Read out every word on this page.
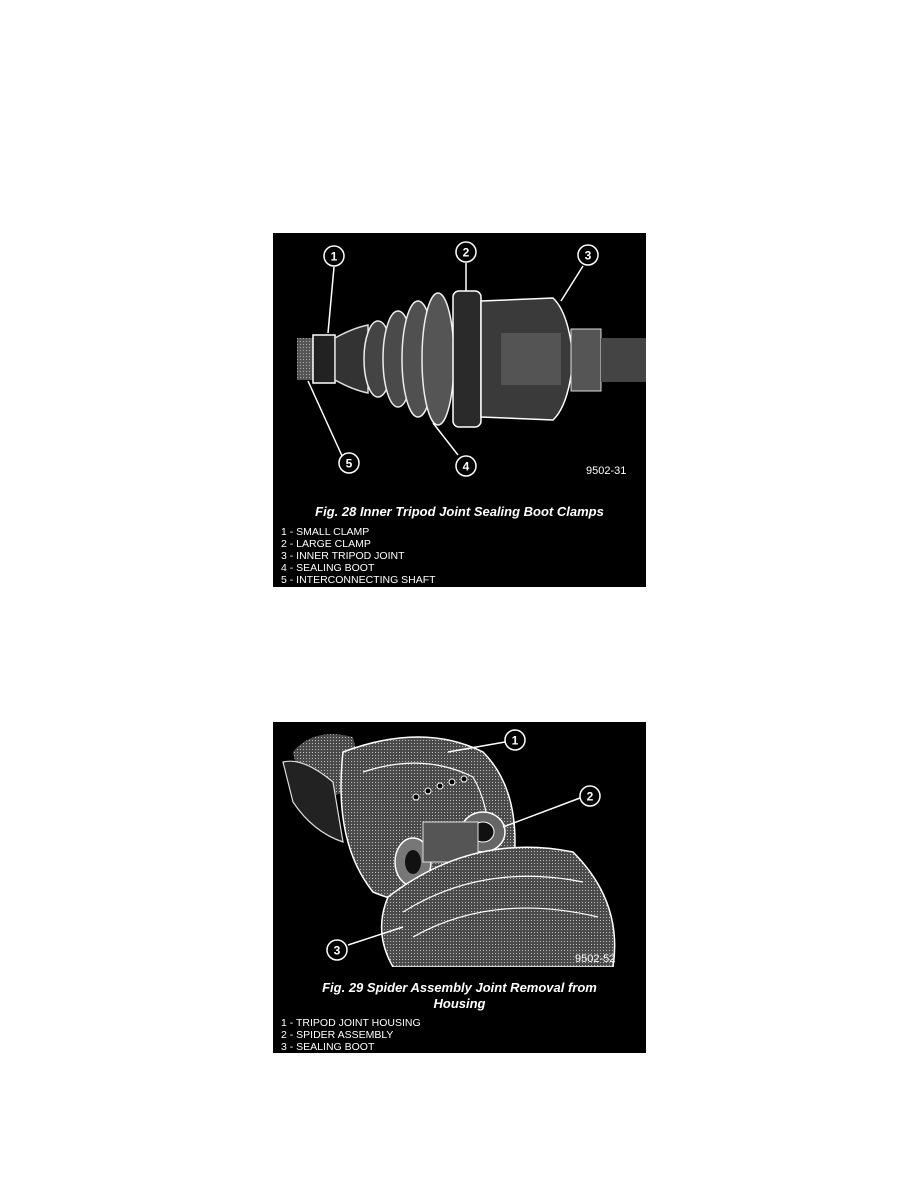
1	2	3
4
5
9502-31
Fig. 28 Inner Tripod Joint Sealing Boot Clamps
1 - SMALL CLAMP
2 - LARGE CLAMP
3 - INNER TRIPOD JOINT
4 - SEALING BOOT
5 - INTERCONNECTING SHAFT
1
2
3
9502-52
Fig. 29 Spider Assembly Joint Removal from
Housing
1 - TRIPOD JOINT HOUSING
2 - SPIDER ASSEMBLY
3 - SEALING BOOT
